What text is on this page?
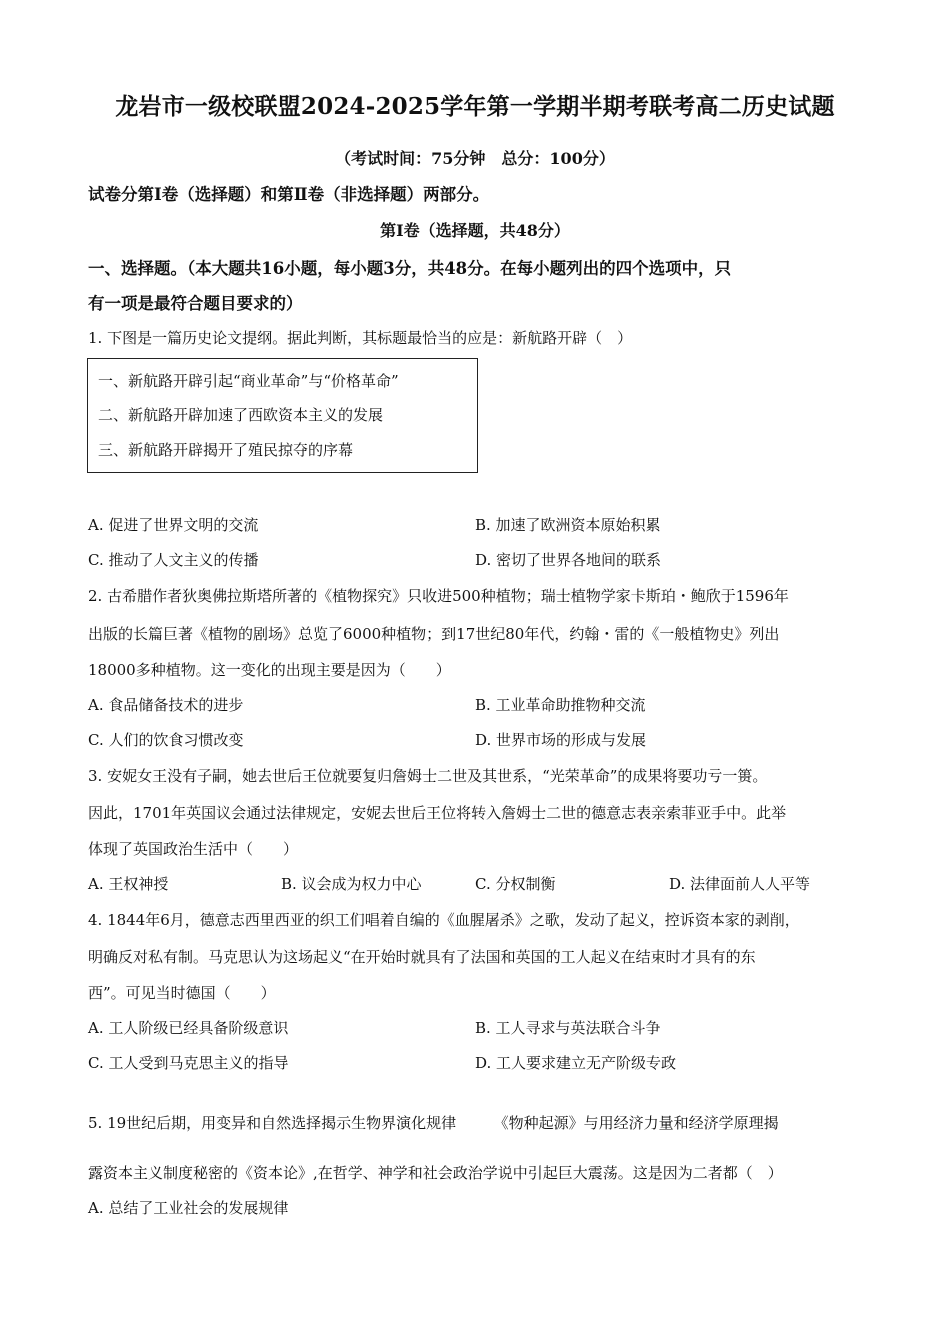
龙岩市一级校联盟2024-2025学年第一学期半期考联考高二历史试题
（考试时间：75分钟　总分：100分）
试卷分第Ⅰ卷（选择题）和第Ⅱ卷（非选择题）两部分。
第Ⅰ卷（选择题，共48分）
一、选择题。（本大题共16小题，每小题3分，共48分。在每小题列出的四个选项中，只
有一项是最符合题目要求的）
1. 下图是一篇历史论文提纲。据此判断，其标题最恰当的应是：新航路开辟（　）
一、新航路开辟引起“商业革命”与“价格革命”
二、新航路开辟加速了西欧资本主义的发展
三、新航路开辟揭开了殖民掠夺的序幕
A. 促进了世界文明的交流	B. 加速了欧洲资本原始积累
C. 推动了人文主义的传播	D. 密切了世界各地间的联系
2. 古希腊作者狄奥佛拉斯塔所著的《植物探究》只收进500种植物；瑞士植物学家卡斯珀・鲍欣于1596年
出版的长篇巨著《植物的剧场》总览了6000种植物；到17世纪80年代，约翰・雷的《一般植物史》列出
18000多种植物。这一变化的出现主要是因为（　　）
A. 食品储备技术的进步	B. 工业革命助推物种交流
C. 人们的饮食习惯改变	D. 世界市场的形成与发展
3. 安妮女王没有子嗣，她去世后王位就要复归詹姆士二世及其世系，“光荣革命”的成果将要功亏一篑。
因此，1701年英国议会通过法律规定，安妮去世后王位将转入詹姆士二世的德意志表亲索菲亚手中。此举
体现了英国政治生活中（　　）
A. 王权神授	B. 议会成为权力中心	C. 分权制衡	D. 法律面前人人平等
4. 1844年6月，德意志西里西亚的织工们唱着自编的《血腥屠杀》之歌，发动了起义，控诉资本家的剥削，
明确反对私有制。马克思认为这场起义“在开始时就具有了法国和英国的工人起义在结束时才具有的东
西”。可见当时德国（　　）
A. 工人阶级已经具备阶级意识	B. 工人寻求与英法联合斗争
C. 工人受到马克思主义的指导	D. 工人要求建立无产阶级专政
5. 19世纪后期，用变异和自然选择揭示生物界演化规律　　　《物种起源》与用经济力量和经济学原理揭
露资本主义制度秘密的《资本论》,在哲学、神学和社会政治学说中引起巨大震荡。这是因为二者都（　）
A. 总结了工业社会的发展规律
